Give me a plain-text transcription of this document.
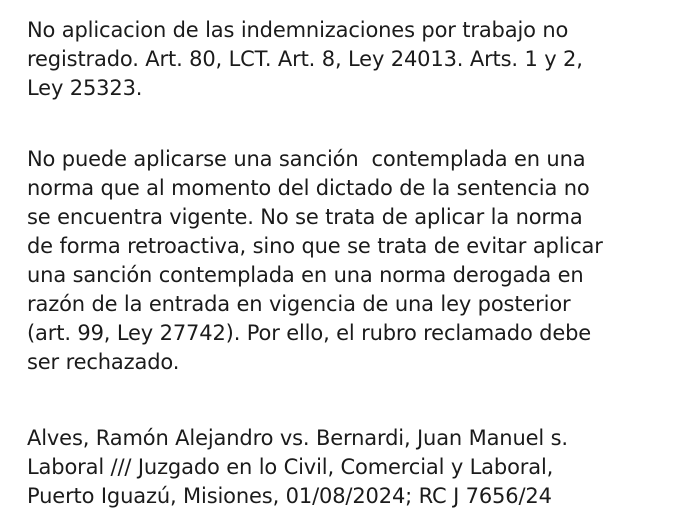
No aplicacion de las indemnizaciones por trabajo no
registrado. Art. 80, LCT. Art. 8, Ley 24013. Arts. 1 y 2,
Ley 25323.

No puede aplicarse una sanción  contemplada en una
norma que al momento del dictado de la sentencia no
se encuentra vigente. No se trata de aplicar la norma
de forma retroactiva, sino que se trata de evitar aplicar
una sanción contemplada en una norma derogada en
razón de la entrada en vigencia de una ley posterior
(art. 99, Ley 27742). Por ello, el rubro reclamado debe
ser rechazado.

Alves, Ramón Alejandro vs. Bernardi, Juan Manuel s.
Laboral /// Juzgado en lo Civil, Comercial y Laboral,
Puerto Iguazú, Misiones, 01/08/2024; RC J 7656/24
